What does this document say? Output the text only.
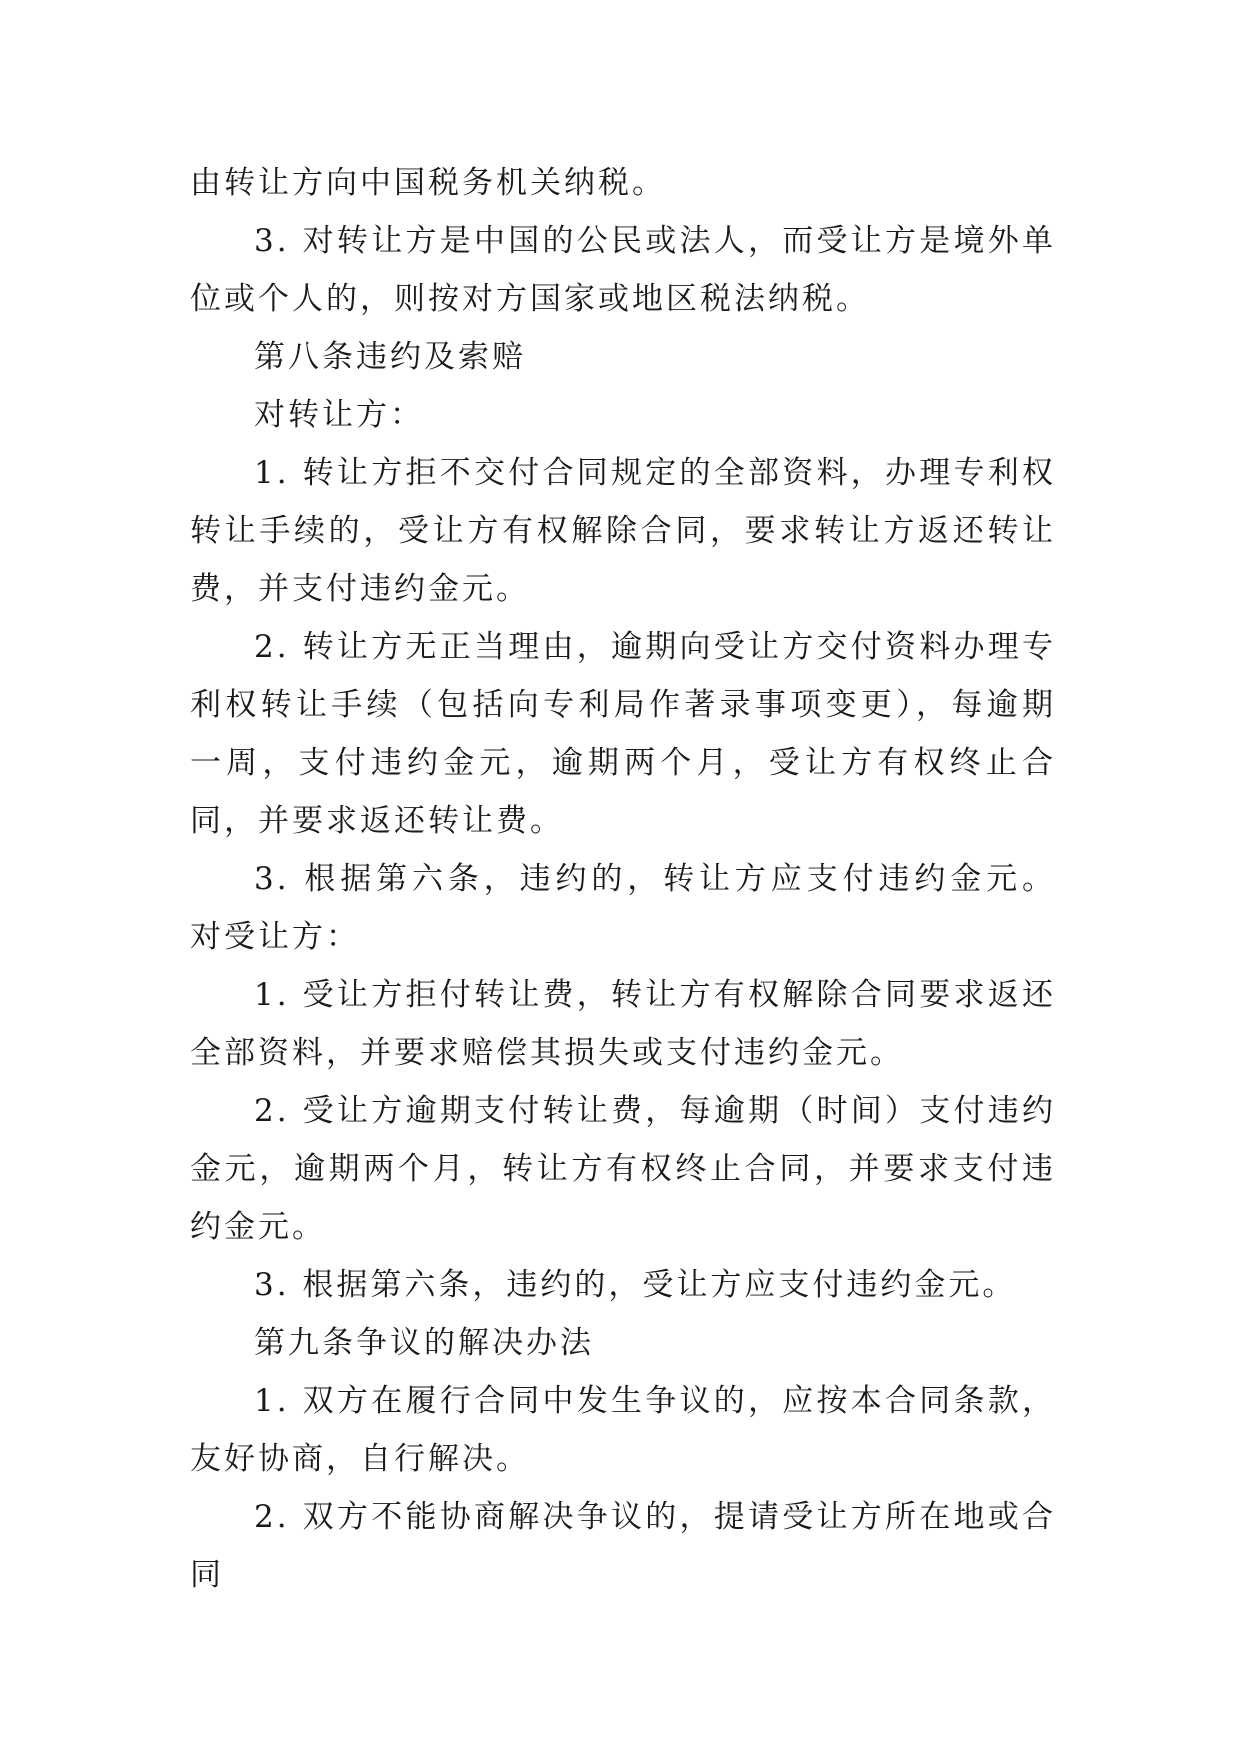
由转让方向中国税务机关纳税。

3. 对转让方是中国的公民或法人，而受让方是境外单位或个人的，则按对方国家或地区税法纳税。

第八条违约及索赔

对转让方：

1. 转让方拒不交付合同规定的全部资料，办理专利权转让手续的，受让方有权解除合同，要求转让方返还转让费，并支付违约金元。

2. 转让方无正当理由，逾期向受让方交付资料办理专利权转让手续（包括向专利局作著录事项变更），每逾期一周，支付违约金元，逾期两个月，受让方有权终止合同，并要求返还转让费。

3. 根据第六条，违约的，转让方应支付违约金元。 对受让方：

1. 受让方拒付转让费，转让方有权解除合同要求返还全部资料，并要求赔偿其损失或支付违约金元。

2. 受让方逾期支付转让费，每逾期（时间）支付违约金元，逾期两个月，转让方有权终止合同，并要求支付违约金元。

3. 根据第六条，违约的，受让方应支付违约金元。

第九条争议的解决办法

1. 双方在履行合同中发生争议的，应按本合同条款，友好协商，自行解决。

2. 双方不能协商解决争议的，提请受让方所在地或合同
